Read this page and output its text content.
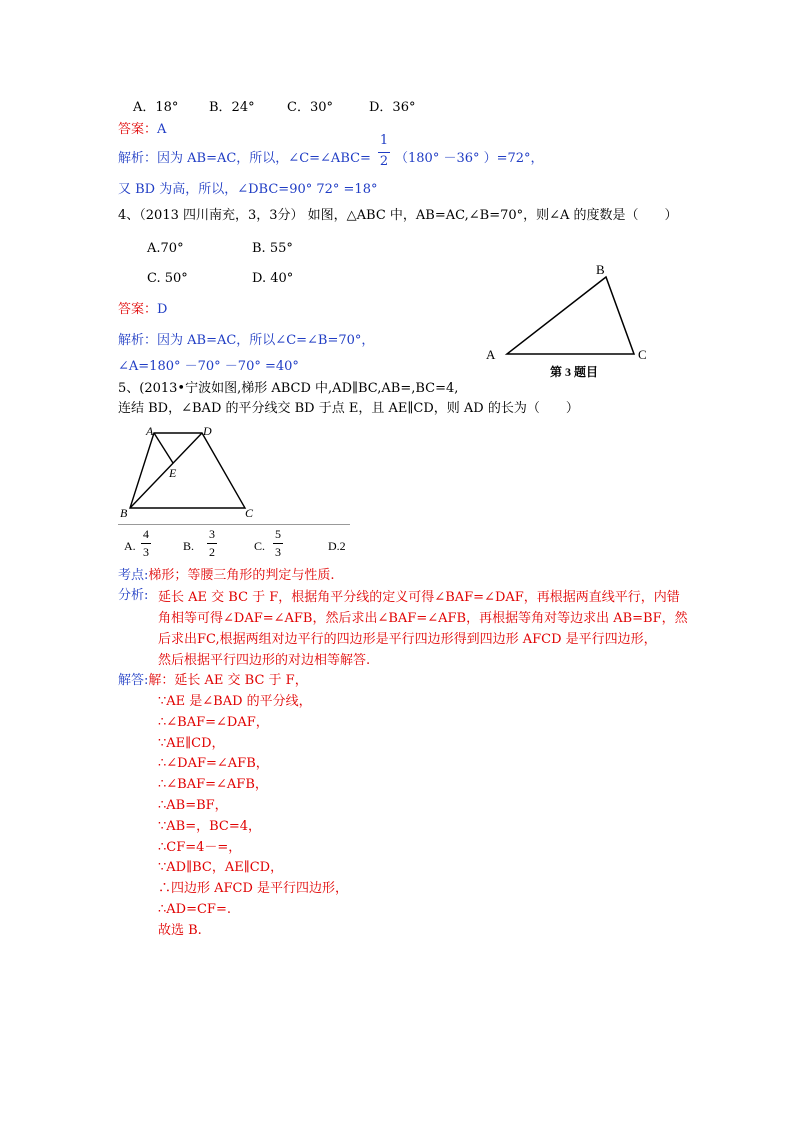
A．18° B．24° C．30°	D．36°
答案：A
解析：因为 AB=AC，所以，∠C=∠ABC=
1
2 （180° －36° ）=72°，
又 BD 为高，所以，∠DBC=90° 72° =18°
4、（2013 四川南充，3，3分） 如图，△ABC 中，AB=AC,∠B=70°，则∠A 的度数是（　　）
A.70°	B. 55°
C. 50°	D. 40°
答案：D
解析：因为 AB=AC，所以∠C=∠B=70°，
∠A=180° －70° －70° =40°
A
B
C
第 3 题目
5、(2013•宁波如图,梯形 ABCD 中,AD∥BC,AB=,BC=4,
连结 BD，∠BAD 的平分线交 BD 于点 E，且 AE∥CD，则 AD 的长为（　　）
A	D
E
B	C
A.
4
3	B.
3
2	C.
5
3	D.2
考点:梯形；等腰三角形的判定与性质.
分析: 延长 AE 交 BC 于 F，根据角平分线的定义可得∠BAF=∠DAF，再根据两直线平行，内错
角相等可得∠DAF=∠AFB，然后求出∠BAF=∠AFB，再根据等角对等边求出 AB=BF，然
后求出FC,根据两组对边平行的四边形是平行四边形得到四边形 AFCD 是平行四边形，
然后根据平行四边形的对边相等解答.
解答:解：延长 AE 交 BC 于 F，
∵AE 是∠BAD 的平分线，
∴∠BAF=∠DAF，
∵AE∥CD，
∴∠DAF=∠AFB，
∴∠BAF=∠AFB，
∴AB=BF，
∵AB=，BC=4，
∴CF=4－=，
∵AD∥BC，AE∥CD，
∴四边形 AFCD 是平行四边形，
∴AD=CF=.
故选 B.
